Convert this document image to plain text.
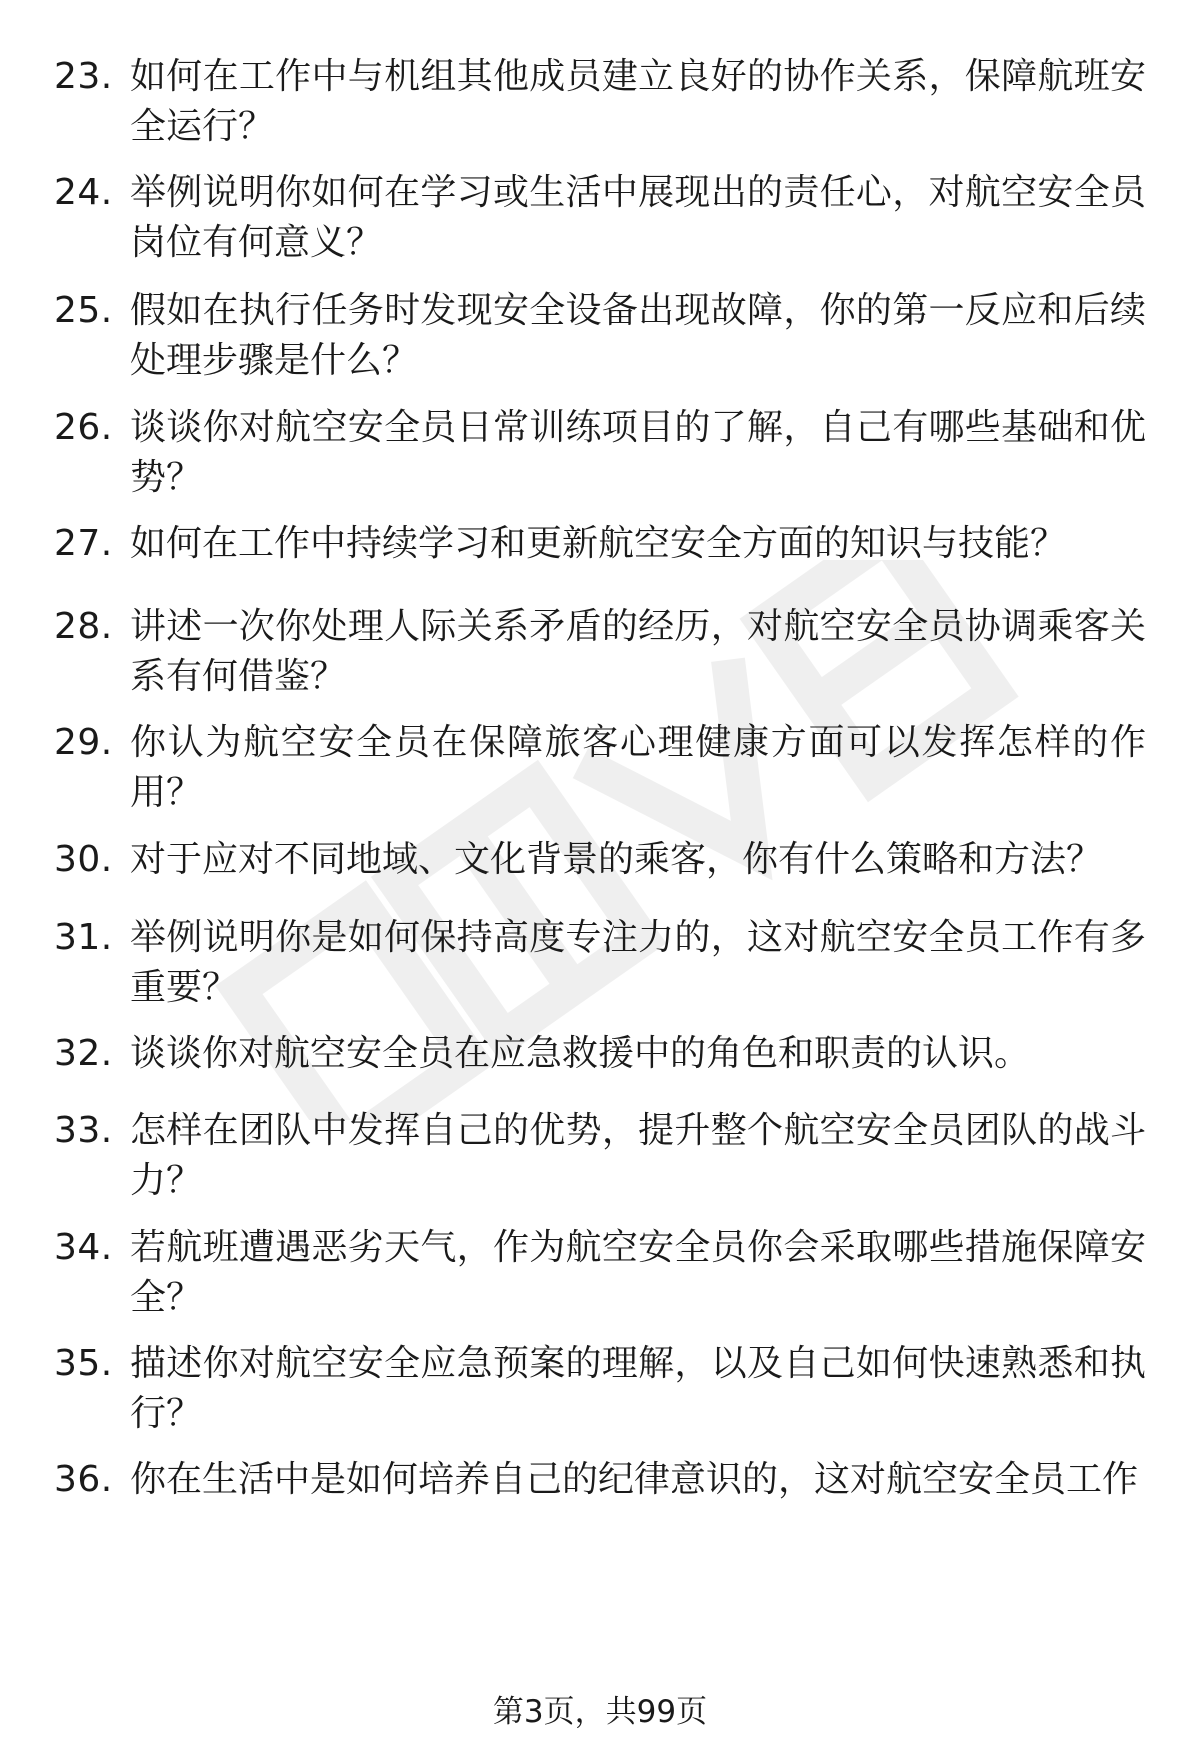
23. 如何在工作中与机组其他成员建立良好的协作关系，保障航班安全运行？
24. 举例说明你如何在学习或生活中展现出的责任心，对航空安全员岗位有何意义？
25. 假如在执行任务时发现安全设备出现故障，你的第一反应和后续处理步骤是什么？
26. 谈谈你对航空安全员日常训练项目的了解，自己有哪些基础和优势？
27. 如何在工作中持续学习和更新航空安全方面的知识与技能？
28. 讲述一次你处理人际关系矛盾的经历，对航空安全员协调乘客关系有何借鉴？
29. 你认为航空安全员在保障旅客心理健康方面可以发挥怎样的作用？
30. 对于应对不同地域、文化背景的乘客，你有什么策略和方法？
31. 举例说明你是如何保持高度专注力的，这对航空安全员工作有多重要？
32. 谈谈你对航空安全员在应急救援中的角色和职责的认识。
33. 怎样在团队中发挥自己的优势，提升整个航空安全员团队的战斗力？
34. 若航班遭遇恶劣天气，作为航空安全员你会采取哪些措施保障安全？
35. 描述你对航空安全应急预案的理解，以及自己如何快速熟悉和执行？
36. 你在生活中是如何培养自己的纪律意识的，这对航空安全员工作
第3页，共99页
